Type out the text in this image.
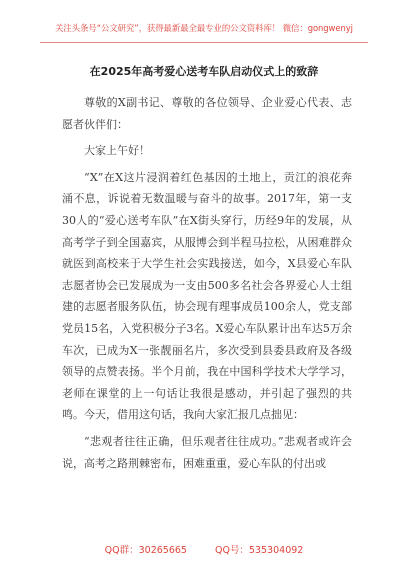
关注头条号“公文研究”，获得最新最全最专业的公文资料库！ 微信：gongwenyj
在2025年高考爱心送考车队启动仪式上的致辞

尊敬的X副书记、尊敬的各位领导、企业爱心代表、志愿者伙伴们：

大家上午好！

“X”在X这片浸润着红色基因的土地上，贡江的浪花奔涌不息，诉说着无数温暖与奋斗的故事。2017年，第一支30人的“爱心送考车队”在X街头穿行，历经9年的发展，从高考学子到全国嘉宾，从服博会到半程马拉松，从困难群众就医到高校来于大学生社会实践接送，如今，X县爱心车队志愿者协会已发展成为一支由500多名社会各界爱心人士组建的志愿者服务队伍，协会现有理事成员100余人，党支部党员15名，入党积极分子3名。X爱心车队累计出车达5万余车次，已成为X一张靓丽名片，多次受到县委县政府及各级领导的点赞表扬。半个月前，我在中国科学技术大学学习，老师在课堂的上一句话让我很是感动，并引起了强烈的共鸣。今天，借用这句话，我向大家汇报几点拙见：

“悲观者往往正确，但乐观者往往成功。”悲观者或许会说，高考之路荆棘密布，困难重重，爱心车队的付出或

QQ群：30265665	QQ号：535304092
